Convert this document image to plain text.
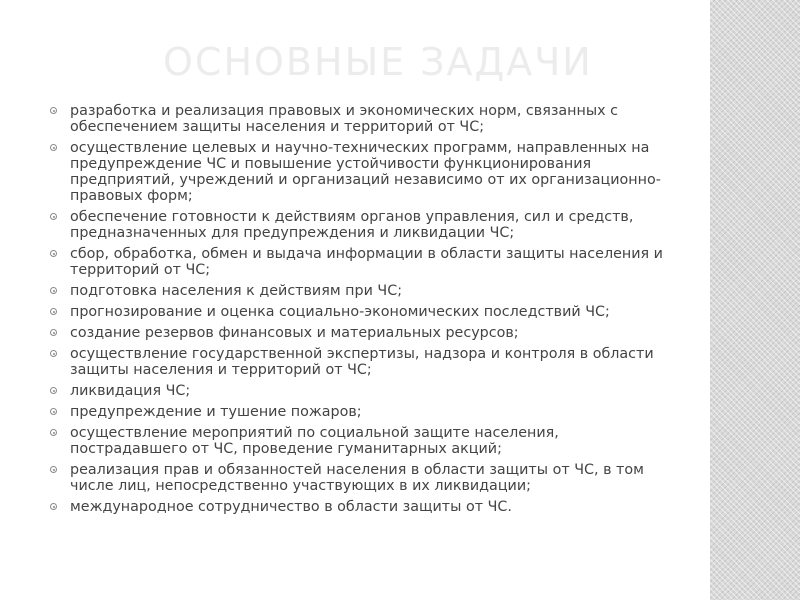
ОСНОВНЫЕ ЗАДАЧИ
разработка и реализация правовых и экономических норм, связанных с обеспечением защиты населения и территорий от ЧС;
осуществление целевых и научно-технических программ, направленных на предупреждение ЧС и повышение устойчивости функционирования предприятий, учреждений и организаций независимо от их организационно-правовых форм;
обеспечение готовности к действиям органов управления, сил и средств, предназначенных для предупреждения и ликвидации ЧС;
сбор, обработка, обмен и выдача информации в области защиты населения и территорий от ЧС;
подготовка населения к действиям при ЧС;
прогнозирование и оценка социально-экономических последствий ЧС;
создание резервов финансовых и материальных ресурсов;
осуществление государственной экспертизы, надзора и контроля в области защиты населения и территорий от ЧС;
ликвидация ЧС;
предупреждение и тушение пожаров;
осуществление мероприятий по социальной защите населения, пострадавшего от ЧС, проведение гуманитарных акций;
реализация прав и обязанностей населения в области защиты от ЧС, в том числе лиц, непосредственно участвующих в их ликвидации;
международное сотрудничество в области защиты от ЧС.
